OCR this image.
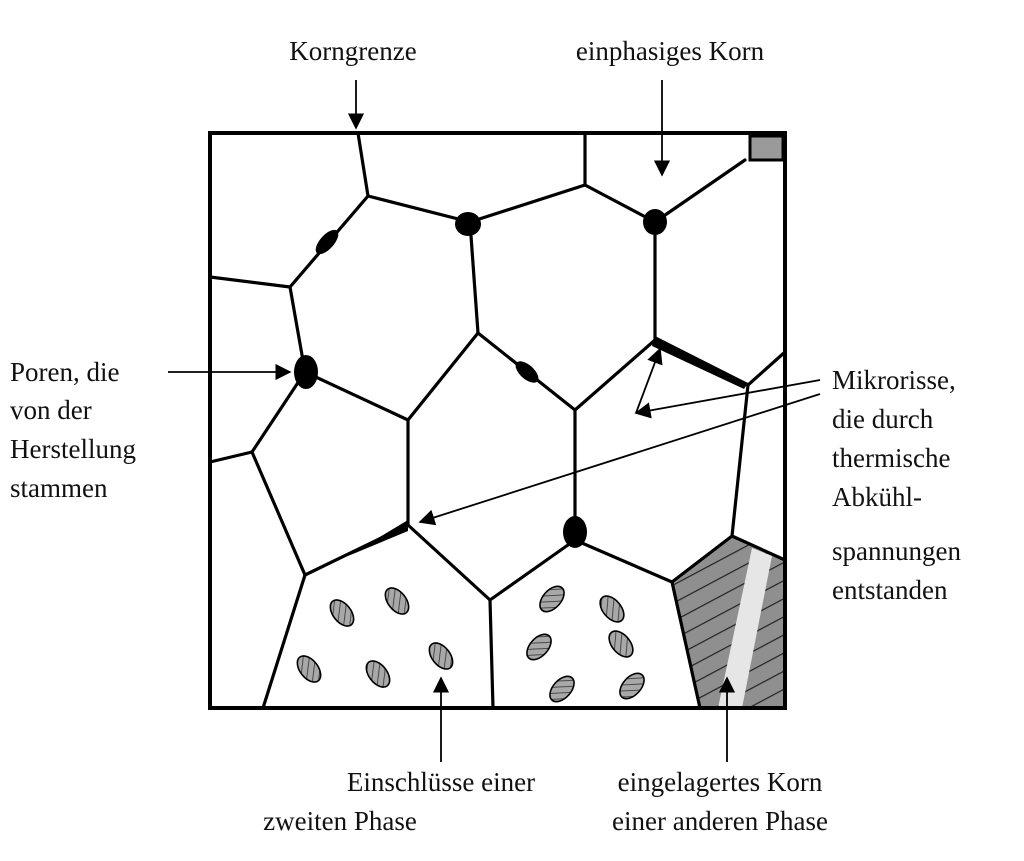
Korngrenze	einphasiges Korn
Poren, die
von der
Herstellung
stammen
Mikrorisse,
die durch
thermische
Abkühl-
spannungen
entstanden
Einschlüsse einer
zweiten Phase
eingelagertes Korn
einer anderen Phase
